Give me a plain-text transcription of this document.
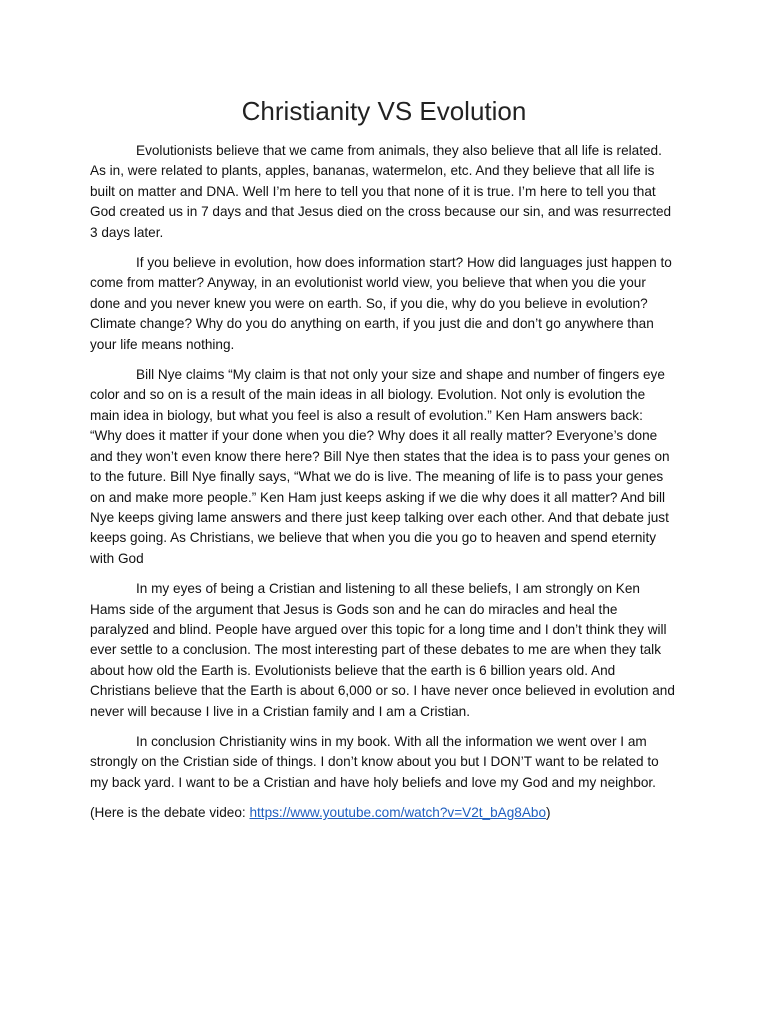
Christianity VS Evolution

Evolutionists believe that we came from animals, they also believe that all life is related. As in, were related to plants, apples, bananas, watermelon, etc. And they believe that all life is built on matter and DNA. Well I’m here to tell you that none of it is true. I’m here to tell you that God created us in 7 days and that Jesus died on the cross because our sin, and was resurrected 3 days later.

If you believe in evolution, how does information start? How did languages just happen to come from matter? Anyway, in an evolutionist world view, you believe that when you die your done and you never knew you were on earth. So, if you die, why do you believe in evolution? Climate change? Why do you do anything on earth, if you just die and don’t go anywhere than your life means nothing.

Bill Nye claims “My claim is that not only your size and shape and number of fingers eye color and so on is a result of the main ideas in all biology. Evolution. Not only is evolution the main idea in biology, but what you feel is also a result of evolution.” Ken Ham answers back: “Why does it matter if your done when you die? Why does it all really matter? Everyone’s done and they won’t even know there here? Bill Nye then states that the idea is to pass your genes on to the future. Bill Nye finally says, “What we do is live. The meaning of life is to pass your genes on and make more people.” Ken Ham just keeps asking if we die why does it all matter? And bill Nye keeps giving lame answers and there just keep talking over each other. And that debate just keeps going. As Christians, we believe that when you die you go to heaven and spend eternity with God

In my eyes of being a Cristian and listening to all these beliefs, I am strongly on Ken Hams side of the argument that Jesus is Gods son and he can do miracles and heal the paralyzed and blind. People have argued over this topic for a long time and I don’t think they will ever settle to a conclusion. The most interesting part of these debates to me are when they talk about how old the Earth is. Evolutionists believe that the earth is 6 billion years old. And Christians believe that the Earth is about 6,000 or so. I have never once believed in evolution and never will because I live in a Cristian family and I am a Cristian.

In conclusion Christianity wins in my book. With all the information we went over I am strongly on the Cristian side of things. I don’t know about you but I DON’T want to be related to my back yard. I want to be a Cristian and have holy beliefs and love my God and my neighbor.

(Here is the debate video: https://www.youtube.com/watch?v=V2t_bAg8Abo)
